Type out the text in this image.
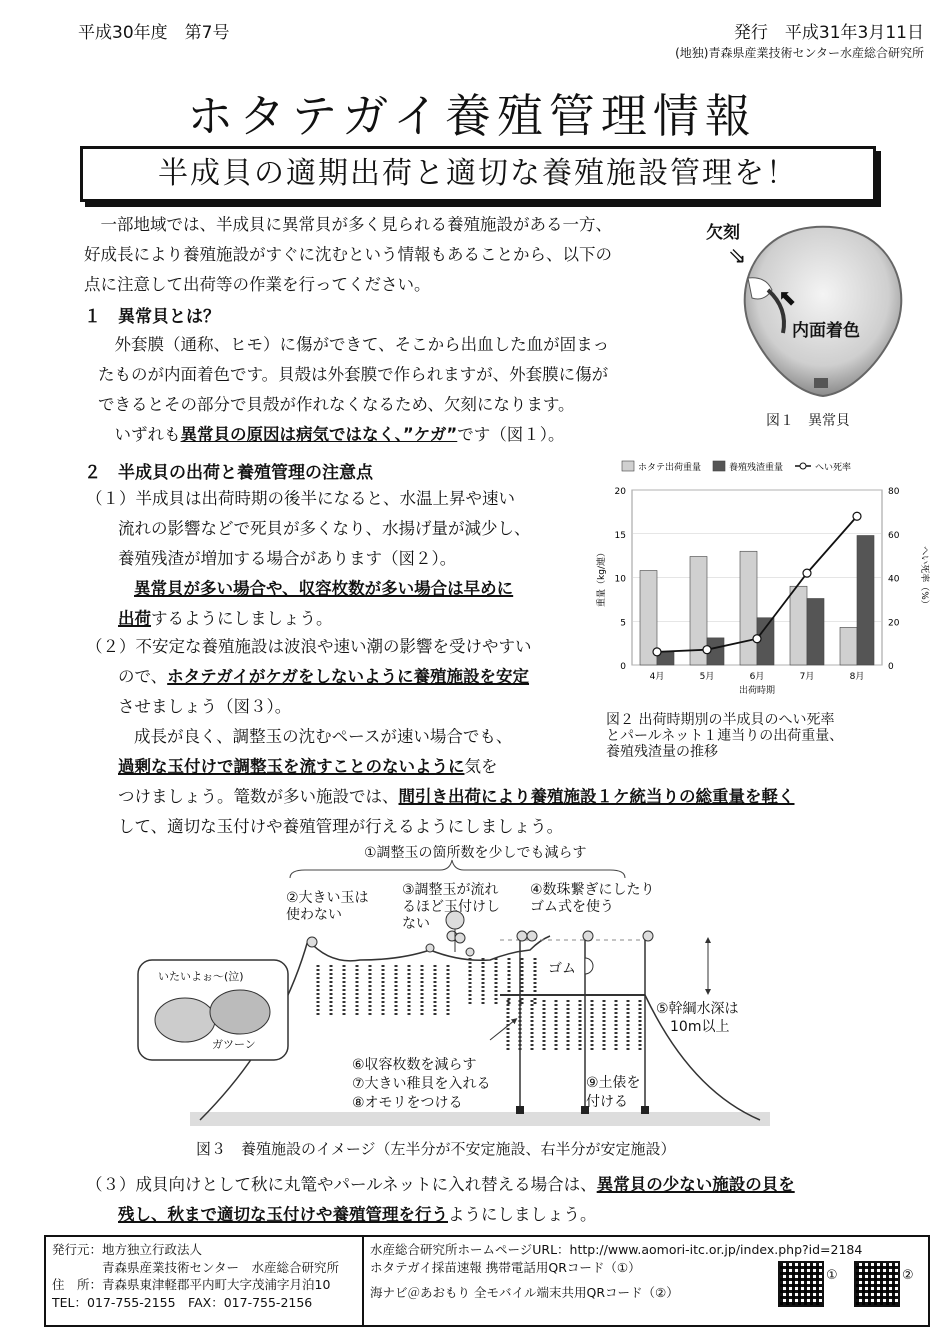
平成30年度　第7号	発行　平成31年3月11日
(地独)青森県産業技術センター水産総合研究所
ホタテガイ養殖管理情報
半成貝の適期出荷と適切な養殖施設管理を！
一部地域では、半成貝に異常貝が多く見られる養殖施設がある一方、
好成長により養殖施設がすぐに沈むという情報もあることから、以下の
点に注意して出荷等の作業を行ってください。
１　異常貝とは？
外套膜（通称、ヒモ）に傷ができて、そこから出血した血が固まっ
たものが内面着色です。貝殻は外套膜で作られますが、外套膜に傷が
できるとその部分で貝殻が作れなくなるため、欠刻になります。
いずれも異常貝の原因は病気ではなく、”ケガ”です（図１）。
欠刻
⇘
⬉
内面着色
図１　異常貝
２　半成貝の出荷と養殖管理の注意点
（１）半成貝は出荷時期の後半になると、水温上昇や速い
流れの影響などで死貝が多くなり、水揚げ量が減少し、
養殖残渣が増加する場合があります（図２）。
異常貝が多い場合や、収容枚数が多い場合は早めに
出荷するようにしましょう。
（２）不安定な養殖施設は波浪や速い潮の影響を受けやすい
ので、ホタテガイがケガをしないように養殖施設を安定
させましょう（図３）。
成長が良く、調整玉の沈むペースが速い場合でも、
過剰な玉付けで調整玉を流すことのないように気を
つけましょう。篭数が多い施設では、間引き出荷により養殖施設１ケ統当りの総重量を軽く
して、適切な玉付けや養殖管理が行えるようにしましょう。
ホタテ出荷重量	養殖残渣重量	へい死率
0
5
10
15
20
0
20
40
60
80
4月	5月	6月	7月	8月
出荷時期
重量（kg/連）	へい死率（%）
図２ 出荷時期別の半成貝のへい死率
とパールネット１連当りの出荷重量、
養殖残渣量の推移
①調整玉の箇所数を少しでも減らす
②大きい玉は
使わない
③調整玉が流れ
るほど玉付けし
ない
④数珠繋ぎにしたり
ゴム式を使う
ゴム
⑤幹綱水深は
10m以上
⑥収容枚数を減らす
⑦大きい稚貝を入れる
⑧オモリをつける
⑨土俵を
付ける
いたいよぉ～(泣)
ガツーン
図３　養殖施設のイメージ（左半分が不安定施設、右半分が安定施設）
（３）成貝向けとして秋に丸篭やパールネットに入れ替える場合は、異常貝の少ない施設の貝を
残し、秋まで適切な玉付けや養殖管理を行うようにしましょう。
発行元：地方独立行政法人
　　　　青森県産業技術センター　水産総合研究所
住　所：青森県東津軽郡平内町大字茂浦字月泊10
TEL：017-755-2155　FAX：017-755-2156
水産総合研究所ホームページURL：http://www.aomori-itc.or.jp/index.php?id=2184
ホタテガイ採苗速報 携帯電話用QRコード（①）
海ナビ＠あおもり 全モバイル端末共用QRコード（②）
①	②
